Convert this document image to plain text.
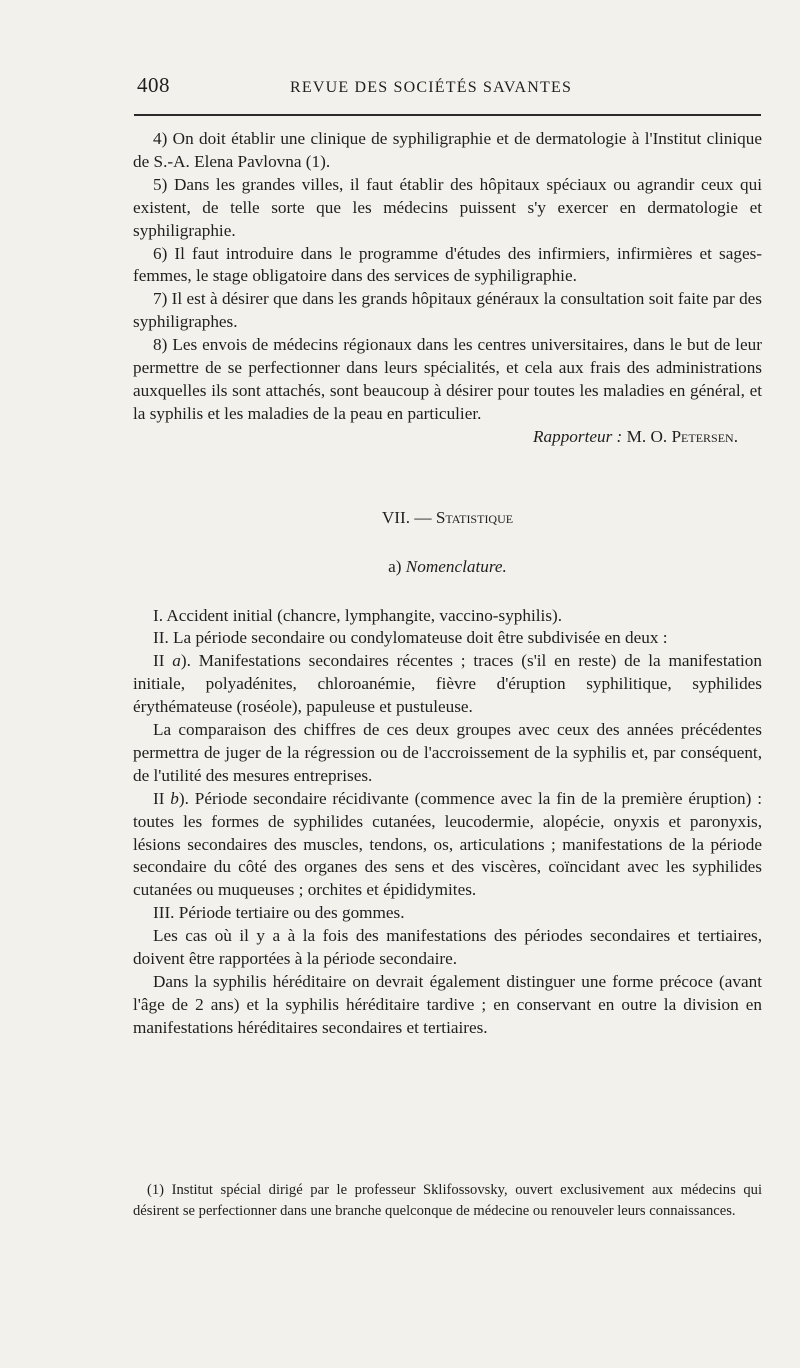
408	REVUE DES SOCIÉTÉS SAVANTES

4) On doit établir une clinique de syphiligraphie et de dermatologie à l'Institut clinique de S.-A. Elena Pavlovna (1).

5) Dans les grandes villes, il faut établir des hôpitaux spéciaux ou agrandir ceux qui existent, de telle sorte que les médecins puissent s'y exercer en dermatologie et syphiligraphie.

6) Il faut introduire dans le programme d'études des infirmiers, infirmières et sages-femmes, le stage obligatoire dans des services de syphiligraphie.

7) Il est à désirer que dans les grands hôpitaux généraux la consultation soit faite par des syphiligraphes.

8) Les envois de médecins régionaux dans les centres universitaires, dans le but de leur permettre de se perfectionner dans leurs spécialités, et cela aux frais des administrations auxquelles ils sont attachés, sont beaucoup à désirer pour toutes les maladies en général, et la syphilis et les maladies de la peau en particulier.

Rapporteur : M. O. Petersen.

VII. — Statistique

a) Nomenclature.

I. Accident initial (chancre, lymphangite, vaccino-syphilis).

II. La période secondaire ou condylomateuse doit être subdivisée en deux :

II a). Manifestations secondaires récentes ; traces (s'il en reste) de la manifestation initiale, polyadénites, chloroanémie, fièvre d'éruption syphilitique, syphilides érythémateuse (roséole), papuleuse et pustuleuse.

La comparaison des chiffres de ces deux groupes avec ceux des années précédentes permettra de juger de la régression ou de l'accroissement de la syphilis et, par conséquent, de l'utilité des mesures entreprises.

II b). Période secondaire récidivante (commence avec la fin de la première éruption) : toutes les formes de syphilides cutanées, leucodermie, alopécie, onyxis et paronyxis, lésions secondaires des muscles, tendons, os, articulations ; manifestations de la période secondaire du côté des organes des sens et des viscères, coïncidant avec les syphilides cutanées ou muqueuses ; orchites et épididymites.

III. Période tertiaire ou des gommes.

Les cas où il y a à la fois des manifestations des périodes secondaires et tertiaires, doivent être rapportées à la période secondaire.

Dans la syphilis héréditaire on devrait également distinguer une forme précoce (avant l'âge de 2 ans) et la syphilis héréditaire tardive ; en conservant en outre la division en manifestations héréditaires secondaires et tertiaires.

(1) Institut spécial dirigé par le professeur Sklifossovsky, ouvert exclusivement aux médecins qui désirent se perfectionner dans une branche quelconque de médecine ou renouveler leurs connaissances.
